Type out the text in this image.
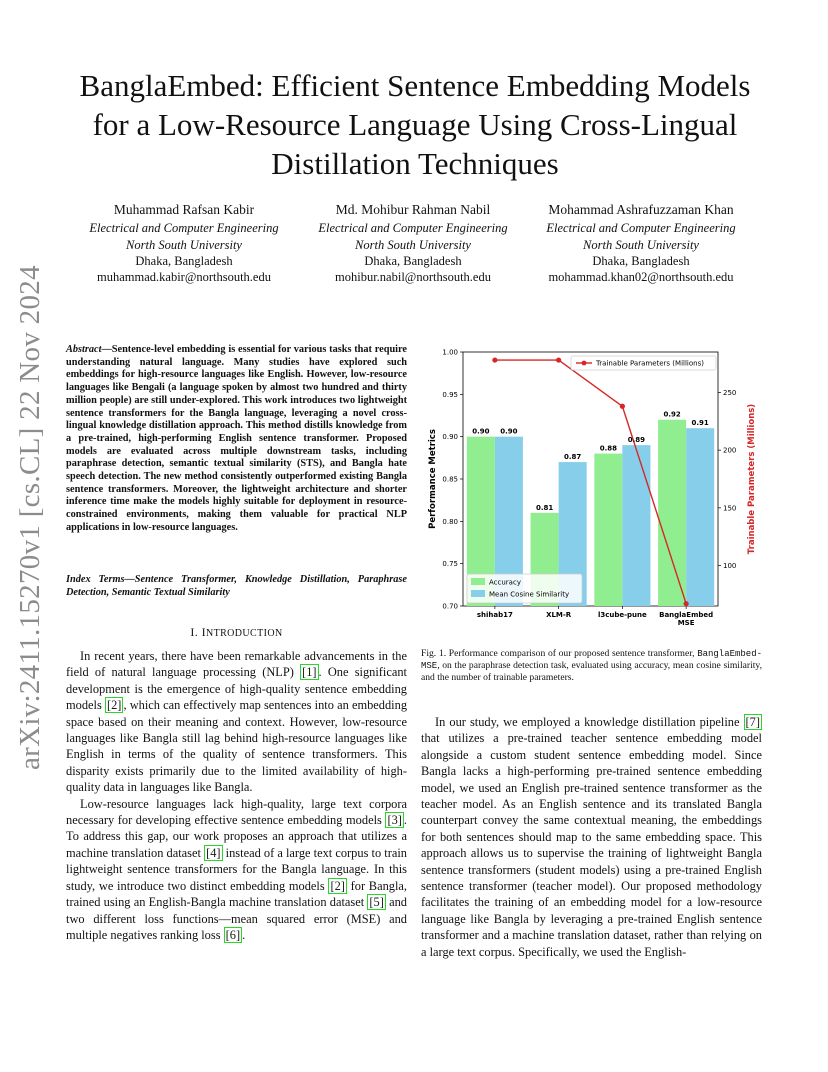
arXiv:2411.15270v1 [cs.CL] 22 Nov 2024
BanglaEmbed: Efficient Sentence Embedding Models for a Low-Resource Language Using Cross-Lingual Distillation Techniques
Muhammad Rafsan Kabir
Electrical and Computer Engineering
North South University
Dhaka, Bangladesh
muhammad.kabir@northsouth.edu
Md. Mohibur Rahman Nabil
Electrical and Computer Engineering
North South University
Dhaka, Bangladesh
mohibur.nabil@northsouth.edu
Mohammad Ashrafuzzaman Khan
Electrical and Computer Engineering
North South University
Dhaka, Bangladesh
mohammad.khan02@northsouth.edu
Abstract—Sentence-level embedding is essential for various tasks that require understanding natural language. Many studies have explored such embeddings for high-resource languages like English. However, low-resource languages like Bengali (a language spoken by almost two hundred and thirty million people) are still under-explored. This work introduces two lightweight sentence transformers for the Bangla language, leveraging a novel cross-lingual knowledge distillation approach. This method distills knowledge from a pre-trained, high-performing English sentence transformer. Proposed models are evaluated across multiple downstream tasks, including paraphrase detection, semantic textual similarity (STS), and Bangla hate speech detection. The new method consistently outperformed existing Bangla sentence transformers. Moreover, the lightweight architecture and shorter inference time make the models highly suitable for deployment in resource-constrained environments, making them valuable for practical NLP applications in low-resource languages.
Index Terms—Sentence Transformer, Knowledge Distillation, Paraphrase Detection, Semantic Textual Similarity
I. INTRODUCTION

In recent years, there have been remarkable advancements in the field of natural language processing (NLP) [1] . One significant development is the emergence of high-quality sentence embedding models [2] , which can effectively map sentences into an embedding space based on their meaning and context. However, low-resource languages like Bangla still lag behind high-resource languages like English in terms of the quality of sentence transformers. This disparity exists primarily due to the limited availability of high-quality data in languages like Bangla.

Low-resource languages lack high-quality, large text corpora necessary for developing effective sentence embedding models [3] . To address this gap, our work proposes an approach that utilizes a machine translation dataset [4] instead of a large text corpus to train lightweight sentence transformers for the Bangla language. In this study, we introduce two distinct embedding models [2] for Bangla, trained using an English-Bangla machine translation dataset [5] and two different loss functions—mean squared error (MSE) and multiple negatives ranking loss [6] .

0.70
0.75
0.80
0.85
0.90
0.95
1.00
100
150
200
250
Performance Metrics	Trainable Parameters (Millions)
0.90 0.90
shihab17
0.81
0.87
XLM-R
0.88
0.89
l3cube-pune
0.92
0.91
BanglaEmbed
MSE
Trainable Parameters (Millions)
Accuracy
Mean Cosine Similarity
Fig. 1. Performance comparison of our proposed sentence transformer, BanglaEmbed-MSE, on the paraphrase detection task, evaluated using accuracy, mean cosine similarity, and the number of trainable parameters.

In our study, we employed a knowledge distillation pipeline [7] that utilizes a pre-trained teacher sentence embedding model alongside a custom student sentence embedding model. Since Bangla lacks a high-performing pre-trained sentence embedding model, we used an English pre-trained sentence transformer as the teacher model. As an English sentence and its translated Bangla counterpart convey the same contextual meaning, the embeddings for both sentences should map to the same embedding space. This approach allows us to supervise the training of lightweight Bangla sentence transformers (student models) using a pre-trained English sentence transformer (teacher model). Our proposed methodology facilitates the training of an embedding model for a low-resource language like Bangla by leveraging a pre-trained English sentence transformer and a machine translation dataset, rather than relying on a large text corpus. Specifically, we used the English-
